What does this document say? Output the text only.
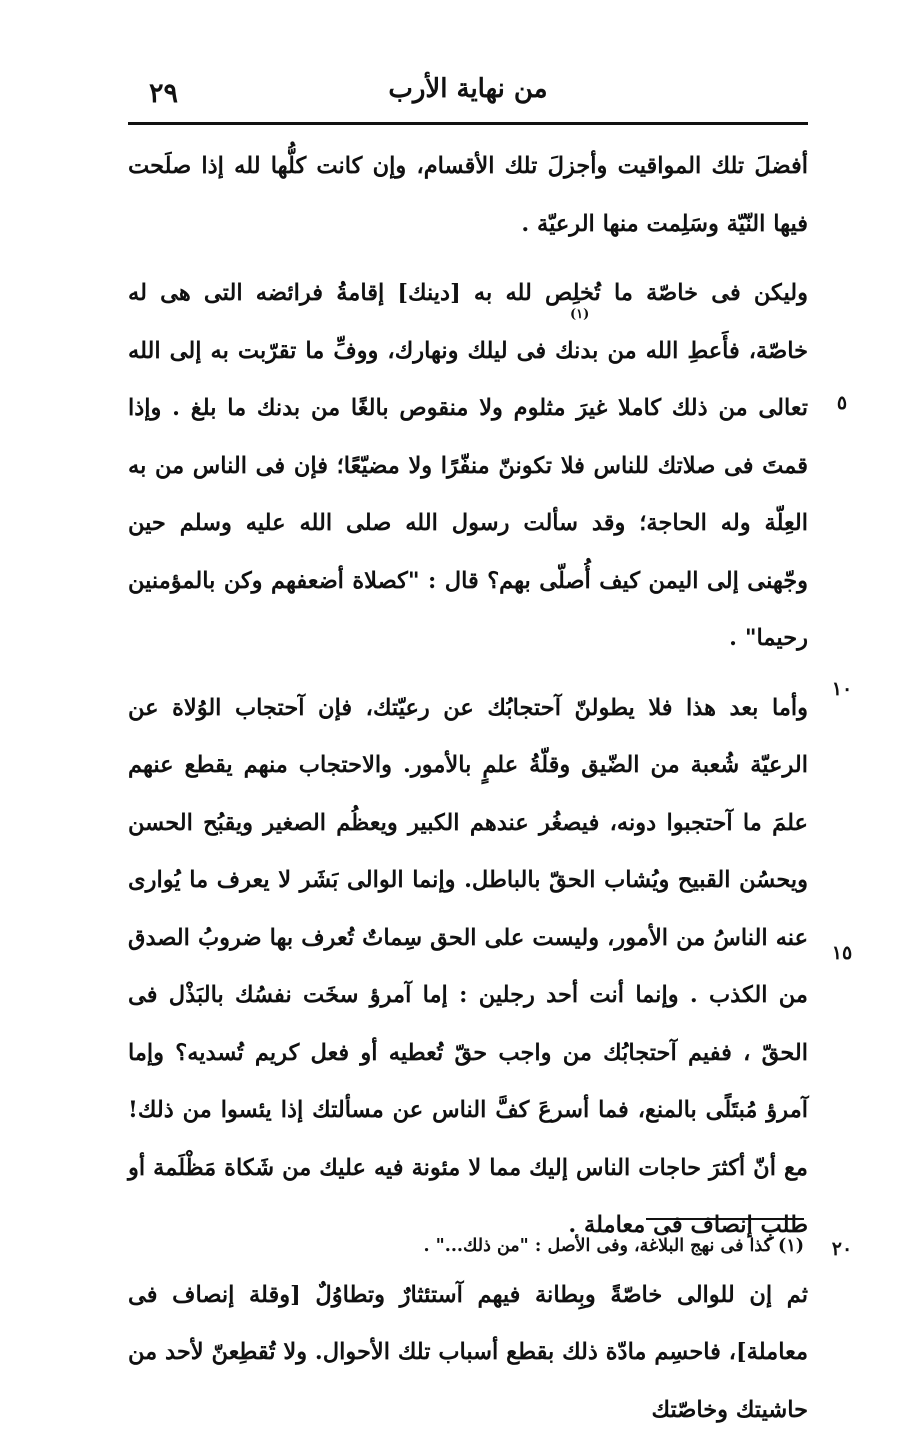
من نهاية الأرب
٢٩

أفضلَ تلك المواقيت وأجزلَ تلك الأقسام، وإن كانت كلُّها لله إذا صلَحت فيها النّيّة وسَلِمت منها الرعيّة .

وليكن فى خاصّة ما تُخلِص لله به [دينك] إقامةُ فرائضه التى هى له خاصّة، فأَعطِ الله من بدنك فى ليلك ونهارك، ووفِّ ما تقرّبت به إلى الله تعالى من ذلك كاملا غيرَ مثلوم ولا منقوص بالغًا من بدنك ما بلغ . وإذا قمتَ فى صلاتك للناس فلا تكوننّ منفّرًا ولا مضيّعًا؛ فإن فى الناس من به العِلّة وله الحاجة؛ وقد سألت رسول الله صلى الله عليه وسلم حين وجّهنى إلى اليمن كيف أُصلّى بهم؟ قال : "كصلاة أضعفهم وكن بالمؤمنين رحيما" .

وأما بعد هذا فلا يطولنّ آحتجابُك عن رعيّتك، فإن آحتجاب الوُلاة عن الرعيّة شُعبة من الضّيق وقلّةُ علمٍ بالأمور. والاحتجاب منهم يقطع عنهم علمَ ما آحتجبوا دونه، فيصغُر عندهم الكبير ويعظُم الصغير ويقبُح الحسن ويحسُن القبيح ويُشاب الحقّ بالباطل. وإنما الوالى بَشَر لا يعرف ما يُوارى عنه الناسُ من الأمور، وليست على الحق سِماتٌ تُعرف بها ضروبُ الصدق من الكذب . وإنما أنت أحد رجلين : إما آمرؤ سخَت نفسُك بالبَذْل فى الحقّ ، ففيم آحتجابُك من واجب حقّ تُعطيه أو فعل كريم تُسديه؟ وإما آمرؤ مُبتَلًى بالمنع، فما أسرعَ كفَّ الناس عن مسألتك إذا يئسوا من ذلك! مع أنّ أكثرَ حاجات الناس إليك مما لا مئونة فيه عليك من شَكاة مَظْلَمة أو طلبِ إنصاف فى معاملة .

ثم إن للوالى خاصّةً وبِطانة فيهم آستئثارٌ وتطاوُلٌ [وقلة إنصاف فى معاملة]، فاحسِم مادّة ذلك بقطع أسباب تلك الأحوال. ولا تُقطِعنّ لأحد من حاشيتك وخاصّتك

(١)
٥
١٠
١٥
٢٠
(١) كذا فى نهج البلاغة، وفى الأصل : "من ذلك..." .
